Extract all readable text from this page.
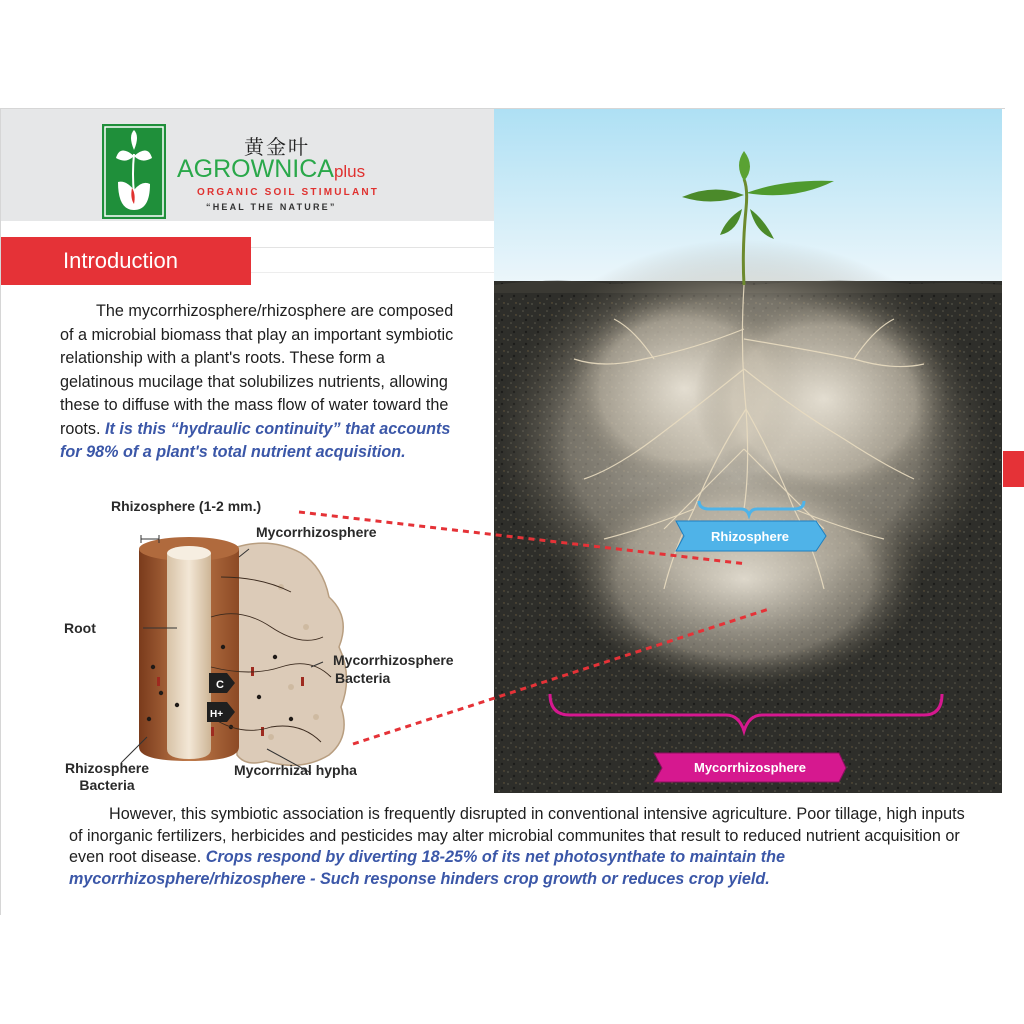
黄金叶
AGROWNICAplus
ORGANIC SOIL STIMULANT
“HEAL THE NATURE”
Introduction
The mycorrhizosphere/rhizosphere are composed of a microbial biomass that play an important symbiotic relationship with a plant's roots. These form a gelatinous mucilage that solubilizes nutrients, allowing these to diffuse with the mass flow of water toward the roots. It is this “hydraulic continuity” that accounts for 98% of a plant's total nutrient acquisition.
Rhizosphere
Mycorrhizosphere
C
H+
Rhizosphere (1-2 mm.)
Mycorrhizosphere
Root
Mycorrhizosphere
Bacteria
Rhizosphere
Bacteria
Mycorrhizal hypha
However, this symbiotic association is frequently disrupted in conventional intensive agriculture. Poor tillage, high inputs of inorganic fertilizers, herbicides and pesticides may alter microbial communites that result to reduced nutrient acquisition or even root disease. Crops respond by diverting 18-25% of its net photosynthate to maintain the mycorrhizosphere/rhizosphere - Such response hinders crop growth or reduces crop yield.
